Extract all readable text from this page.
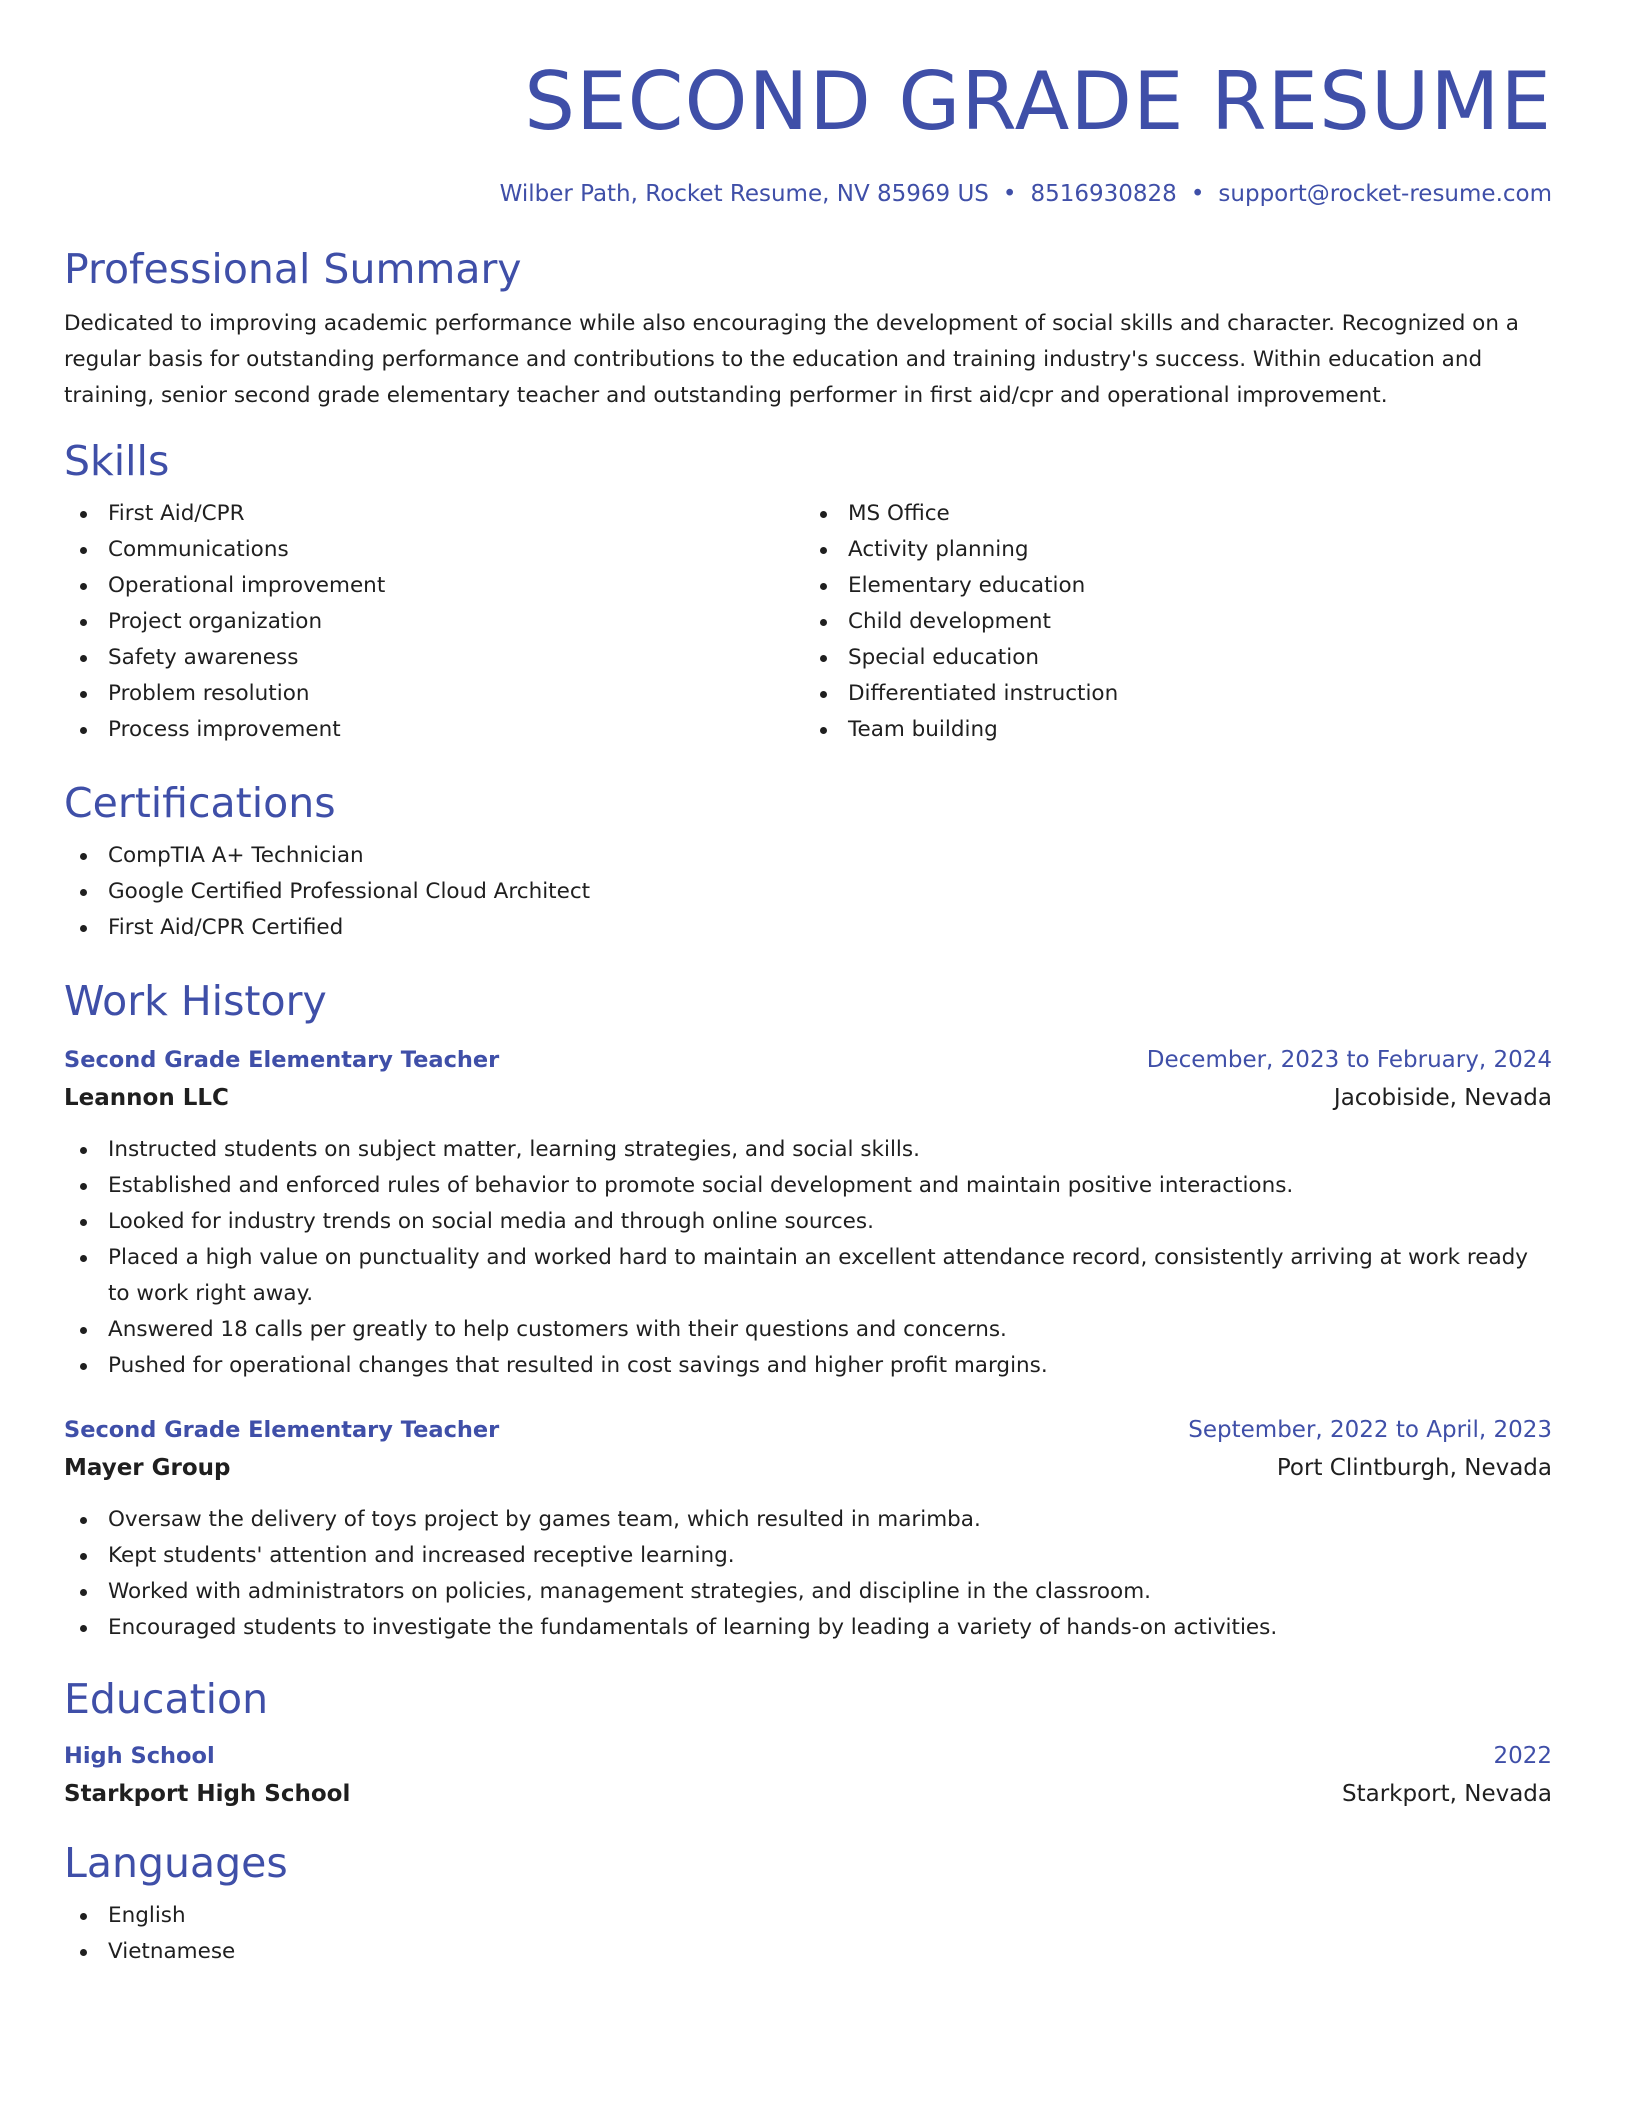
SECOND GRADE RESUME
Wilber Path, Rocket Resume, NV 85969 US • 8516930828 • support@rocket-resume.com
Professional Summary

Dedicated to improving academic performance while also encouraging the development of social skills and character. Recognized on a regular basis for outstanding performance and contributions to the education and training industry's success. Within education and training, senior second grade elementary teacher and outstanding performer in first aid/cpr and operational improvement.

Skills
First Aid/CPR
Communications
Operational improvement
Project organization
Safety awareness
Problem resolution
Process improvement
MS Office
Activity planning
Elementary education
Child development
Special education
Differentiated instruction
Team building
Certifications
CompTIA A+ Technician
Google Certified Professional Cloud Architect
First Aid/CPR Certified
Work History
Second Grade Elementary Teacher	December, 2023 to February, 2024
Leannon LLC	Jacobiside, Nevada
Instructed students on subject matter, learning strategies, and social skills.
Established and enforced rules of behavior to promote social development and maintain positive interactions.
Looked for industry trends on social media and through online sources.
Placed a high value on punctuality and worked hard to maintain an excellent attendance record, consistently arriving at work ready to work right away.
Answered 18 calls per greatly to help customers with their questions and concerns.
Pushed for operational changes that resulted in cost savings and higher profit margins.
Second Grade Elementary Teacher	September, 2022 to April, 2023
Mayer Group	Port Clintburgh, Nevada
Oversaw the delivery of toys project by games team, which resulted in marimba.
Kept students' attention and increased receptive learning.
Worked with administrators on policies, management strategies, and discipline in the classroom.
Encouraged students to investigate the fundamentals of learning by leading a variety of hands-on activities.
Education
High School	2022
Starkport High School	Starkport, Nevada
Languages
English
Vietnamese
